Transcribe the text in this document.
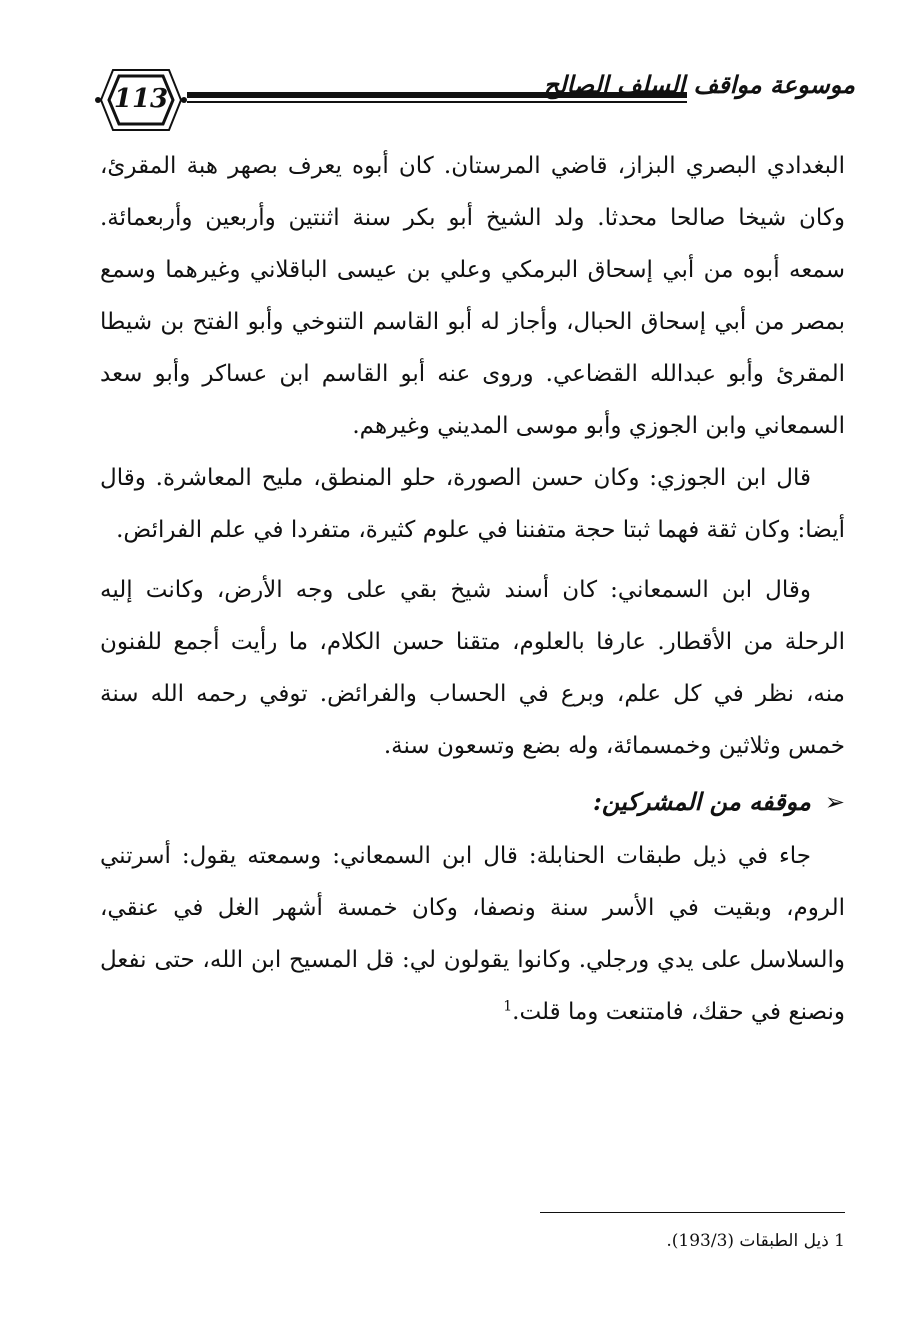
113	موسوعة مواقف السلف الصالح

البغدادي البصري البزاز، قاضي المرستان. كان أبوه يعرف بصهر هبة المقرئ، وكان شيخا صالحا محدثا. ولد الشيخ أبو بكر سنة اثنتين وأربعين وأربعمائة. سمعه أبوه من أبي إسحاق البرمكي وعلي بن عيسى الباقلاني وغيرهما وسمع بمصر من أبي إسحاق الحبال، وأجاز له أبو القاسم التنوخي وأبو الفتح بن شيطا المقرئ وأبو عبدالله القضاعي. وروى عنه أبو القاسم ابن عساكر وأبو سعد السمعاني وابن الجوزي وأبو موسى المديني وغيرهم.

قال ابن الجوزي: وكان حسن الصورة، حلو المنطق، مليح المعاشرة. وقال أيضا: وكان ثقة فهما ثبتا حجة متفننا في علوم كثيرة، متفردا في علم الفرائض.

وقال ابن السمعاني: كان أسند شيخ بقي على وجه الأرض، وكانت إليه الرحلة من الأقطار. عارفا بالعلوم، متقنا حسن الكلام، ما رأيت أجمع للفنون منه، نظر في كل علم، وبرع في الحساب والفرائض. توفي رحمه الله سنة خمس وثلاثين وخمسمائة، وله بضع وتسعون سنة.

➢موقفه من المشركين:

جاء في ذيل طبقات الحنابلة: قال ابن السمعاني: وسمعته يقول: أسرتني الروم، وبقيت في الأسر سنة ونصفا، وكان خمسة أشهر الغل في عنقي، والسلاسل على يدي ورجلي. وكانوا يقولون لي: قل المسيح ابن الله، حتى نفعل ونصنع في حقك، فامتنعت وما قلت.$^1$

1 ذيل الطبقات (193/3).
